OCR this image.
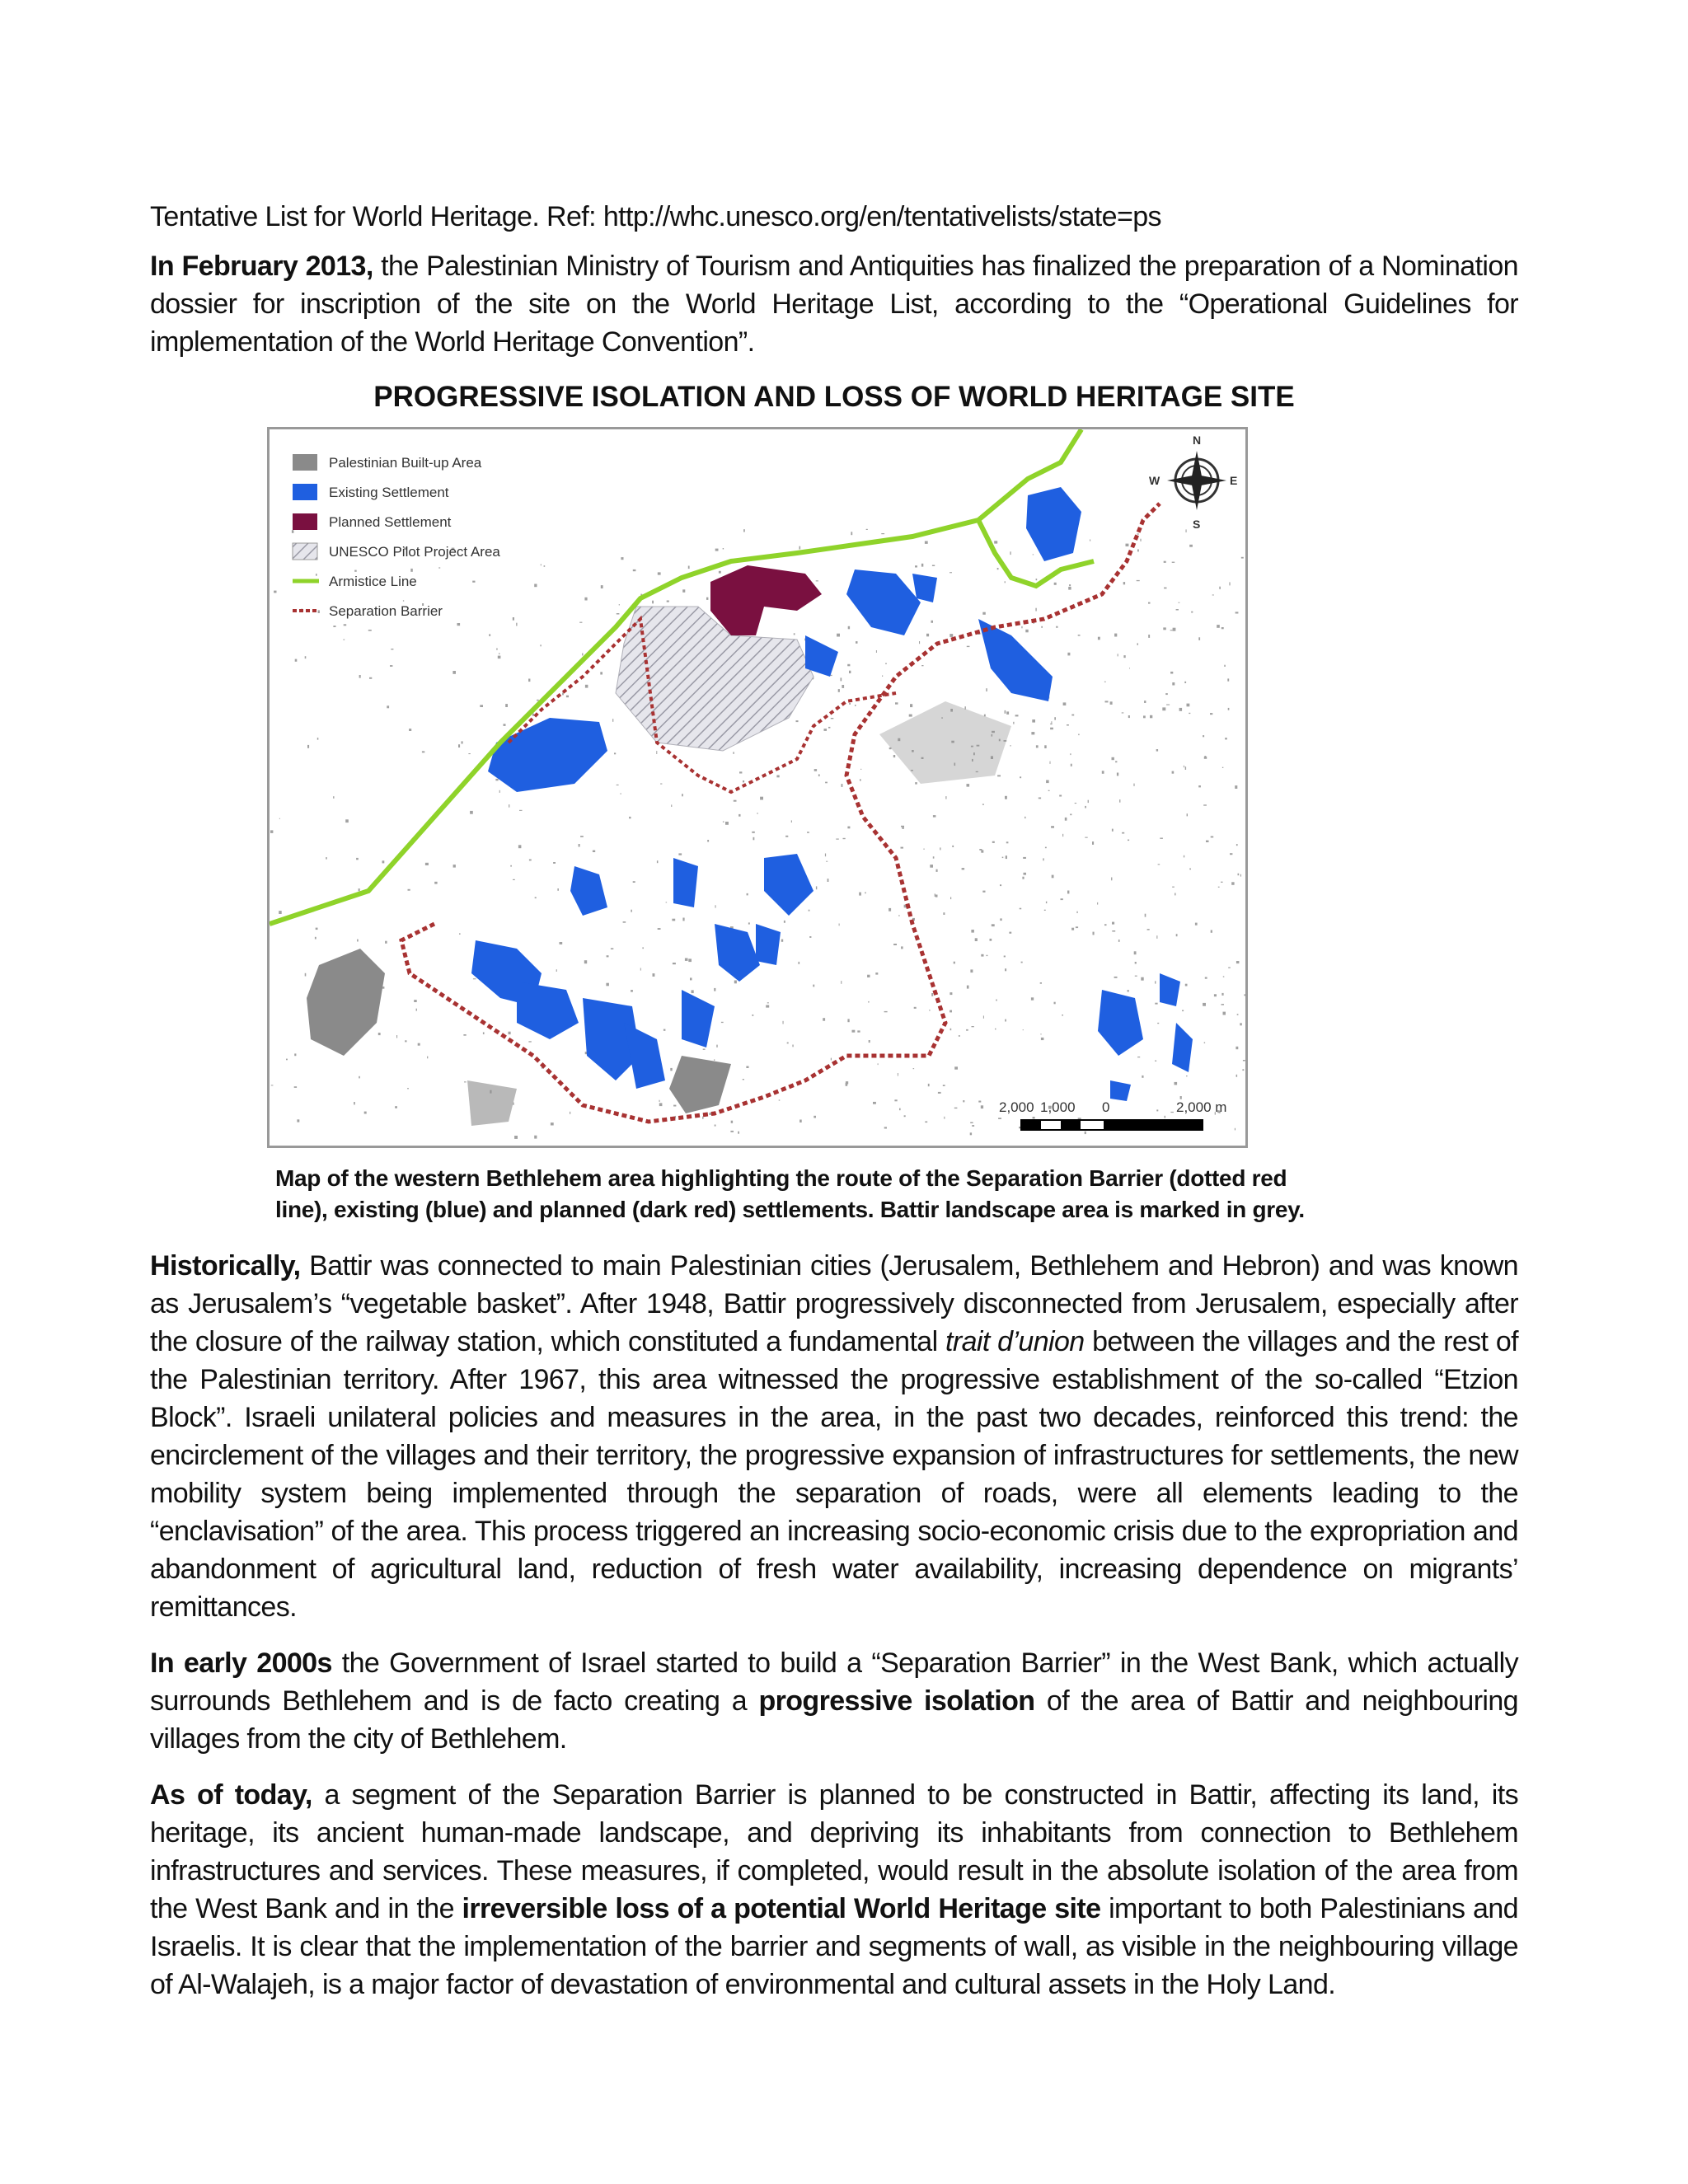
Tentative List for World Heritage. Ref: http://whc.unesco.org/en/tentativelists/state=ps

In February 2013, the Palestinian Ministry of Tourism and Antiquities has finalized the preparation of a Nomination dossier for inscription of the site on the World Heritage List, according to the “Operational Guidelines for implementation of the World Heritage Convention”.

PROGRESSIVE ISOLATION AND LOSS OF WORLD HERITAGE SITE
Palestinian Built-up Area
Existing Settlement
Planned Settlement
UNESCO Pilot Project Area
Armistice Line
Separation Barrier
N
S
E
W
2,000 1,000 0	2,000 m
Map of the western Bethlehem area highlighting the route of the Separation Barrier (dotted red
line), existing (blue) and planned (dark red) settlements. Battir landscape area is marked in grey.

Historically, Battir was connected to main Palestinian cities (Jerusalem, Bethlehem and Hebron) and was known as Jerusalem’s “vegetable basket”. After 1948, Battir progressively disconnected from Jerusalem, especially after the closure of the railway station, which constituted a fundamental trait d’union between the villages and the rest of the Palestinian territory. After 1967, this area witnessed the progressive establishment of the so-called “Etzion Block”. Israeli unilateral policies and measures in the area, in the past two decades, reinforced this trend: the encirclement of the villages and their territory, the progressive expansion of infrastructures for settlements, the new mobility system being implemented through the separation of roads, were all elements leading to the “enclavisation” of the area. This process triggered an increasing socio-economic crisis due to the expropriation and abandonment of agricultural land, reduction of fresh water availability, increasing dependence on migrants’ remittances.

In early 2000s the Government of Israel started to build a “Separation Barrier” in the West Bank, which actually surrounds Bethlehem and is de facto creating a progressive isolation of the area of Battir and neighbouring villages from the city of Bethlehem.

As of today, a segment of the Separation Barrier is planned to be constructed in Battir, affecting its land, its heritage, its ancient human-made landscape, and depriving its inhabitants from connection to Bethlehem infrastructures and services. These measures, if completed, would result in the absolute isolation of the area from the West Bank and in the irreversible loss of a potential World Heritage site important to both Palestinians and Israelis. It is clear that the implementation of the barrier and segments of wall, as visible in the neighbouring village of Al-Walajeh, is a major factor of devastation of environmental and cultural assets in the Holy Land.
